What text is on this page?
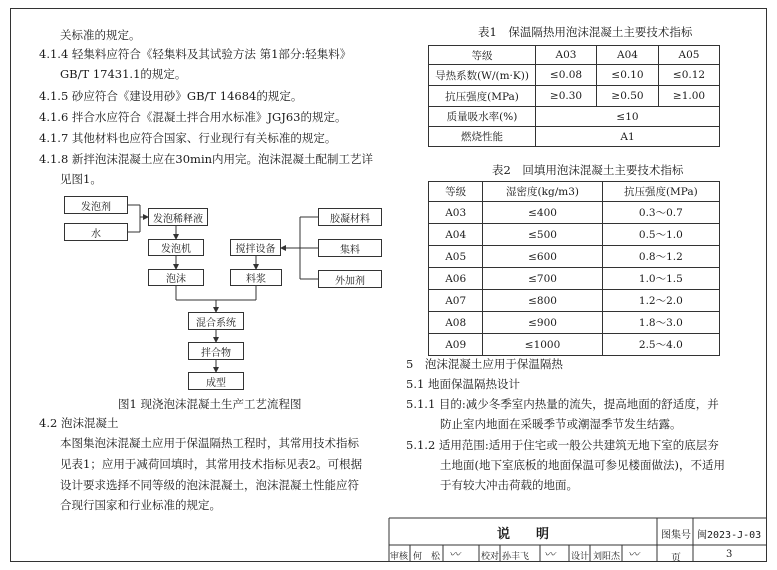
关标准的规定。
4.1.4 轻集料应符合《轻集料及其试验方法 第1部分:轻集料》
GB/T 17431.1的规定。
4.1.5 砂应符合《建设用砂》GB/T 14684的规定。
4.1.6 拌合水应符合《混凝土拌合用水标准》JGJ63的规定。
4.1.7 其他材料也应符合国家、行业现行有关标准的规定。
4.1.8 新拌泡沫混凝土应在30min内用完。泡沫混凝土配制工艺详
见图1。
发泡剂
水
发泡稀释液
发泡机
泡沫
搅拌设备
料浆
胶凝材料
集料
外加剂
混合系统
拌合物
成型
图1 现浇泡沫混凝土生产工艺流程图
4.2 泡沫混凝土
本图集泡沫混凝土应用于保温隔热工程时，其常用技术指标
见表1；应用于减荷回填时，其常用技术指标见表2。可根据
设计要求选择不同等级的泡沫混凝土，泡沫混凝土性能应符
合现行国家和行业标准的规定。
表1　保温隔热用泡沫混凝土主要技术指标
等级	A03	A04	A05
导热系数(W/(m·K))	≤0.08	≤0.10	≤0.12
抗压强度(MPa)	≥0.30	≥0.50	≥1.00
质量吸水率(%)	≤10		
燃烧性能	A1		
表2　回填用泡沫混凝土主要技术指标
等级	湿密度(kg/m3)	抗压强度(MPa)
A03	≤400	0.3～0.7
A04	≤500	0.5～1.0
A05	≤600	0.8～1.2
A06	≤700	1.0～1.5
A07	≤800	1.2～2.0
A08	≤900	1.8～3.0
A09	≤1000	2.5～4.0
5　泡沫混凝土应用于保温隔热
5.1 地面保温隔热设计
5.1.1 目的:减少冬季室内热量的流失，提高地面的舒适度，并
防止室内地面在采暖季节或潮湿季节发生结露。
5.1.2 适用范围:适用于住宅或一般公共建筑无地下室的底层夯
土地面(地下室底板的地面保温可参见楼面做法)，不适用
于有较大冲击荷载的地面。
说　　明	图集号 闽2023-J-03
审核 何　松 〰 校对 孙丰飞 〰 设计 刘阳杰 〰	页	3
